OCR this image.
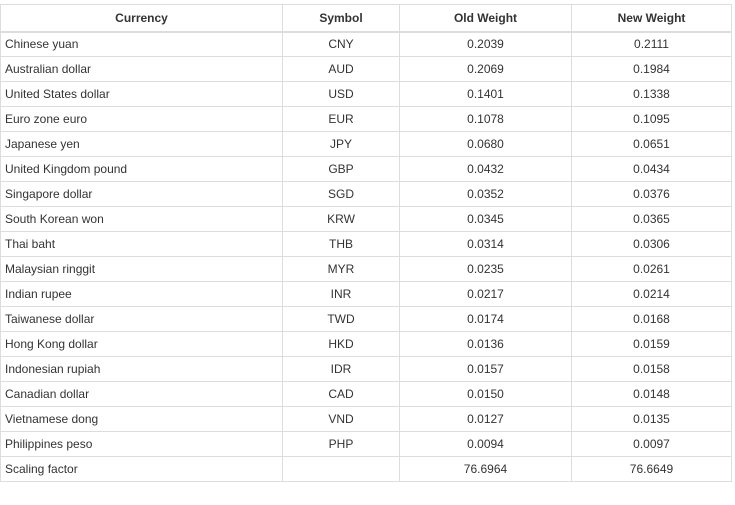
Currency	Symbol	Old Weight	New Weight
Chinese yuan	CNY	0.2039	0.2111
Australian dollar	AUD	0.2069	0.1984
United States dollar	USD	0.1401	0.1338
Euro zone euro	EUR	0.1078	0.1095
Japanese yen	JPY	0.0680	0.0651
United Kingdom pound	GBP	0.0432	0.0434
Singapore dollar	SGD	0.0352	0.0376
South Korean won	KRW	0.0345	0.0365
Thai baht	THB	0.0314	0.0306
Malaysian ringgit	MYR	0.0235	0.0261
Indian rupee	INR	0.0217	0.0214
Taiwanese dollar	TWD	0.0174	0.0168
Hong Kong dollar	HKD	0.0136	0.0159
Indonesian rupiah	IDR	0.0157	0.0158
Canadian dollar	CAD	0.0150	0.0148
Vietnamese dong	VND	0.0127	0.0135
Philippines peso	PHP	0.0094	0.0097
Scaling factor		76.6964	76.6649
